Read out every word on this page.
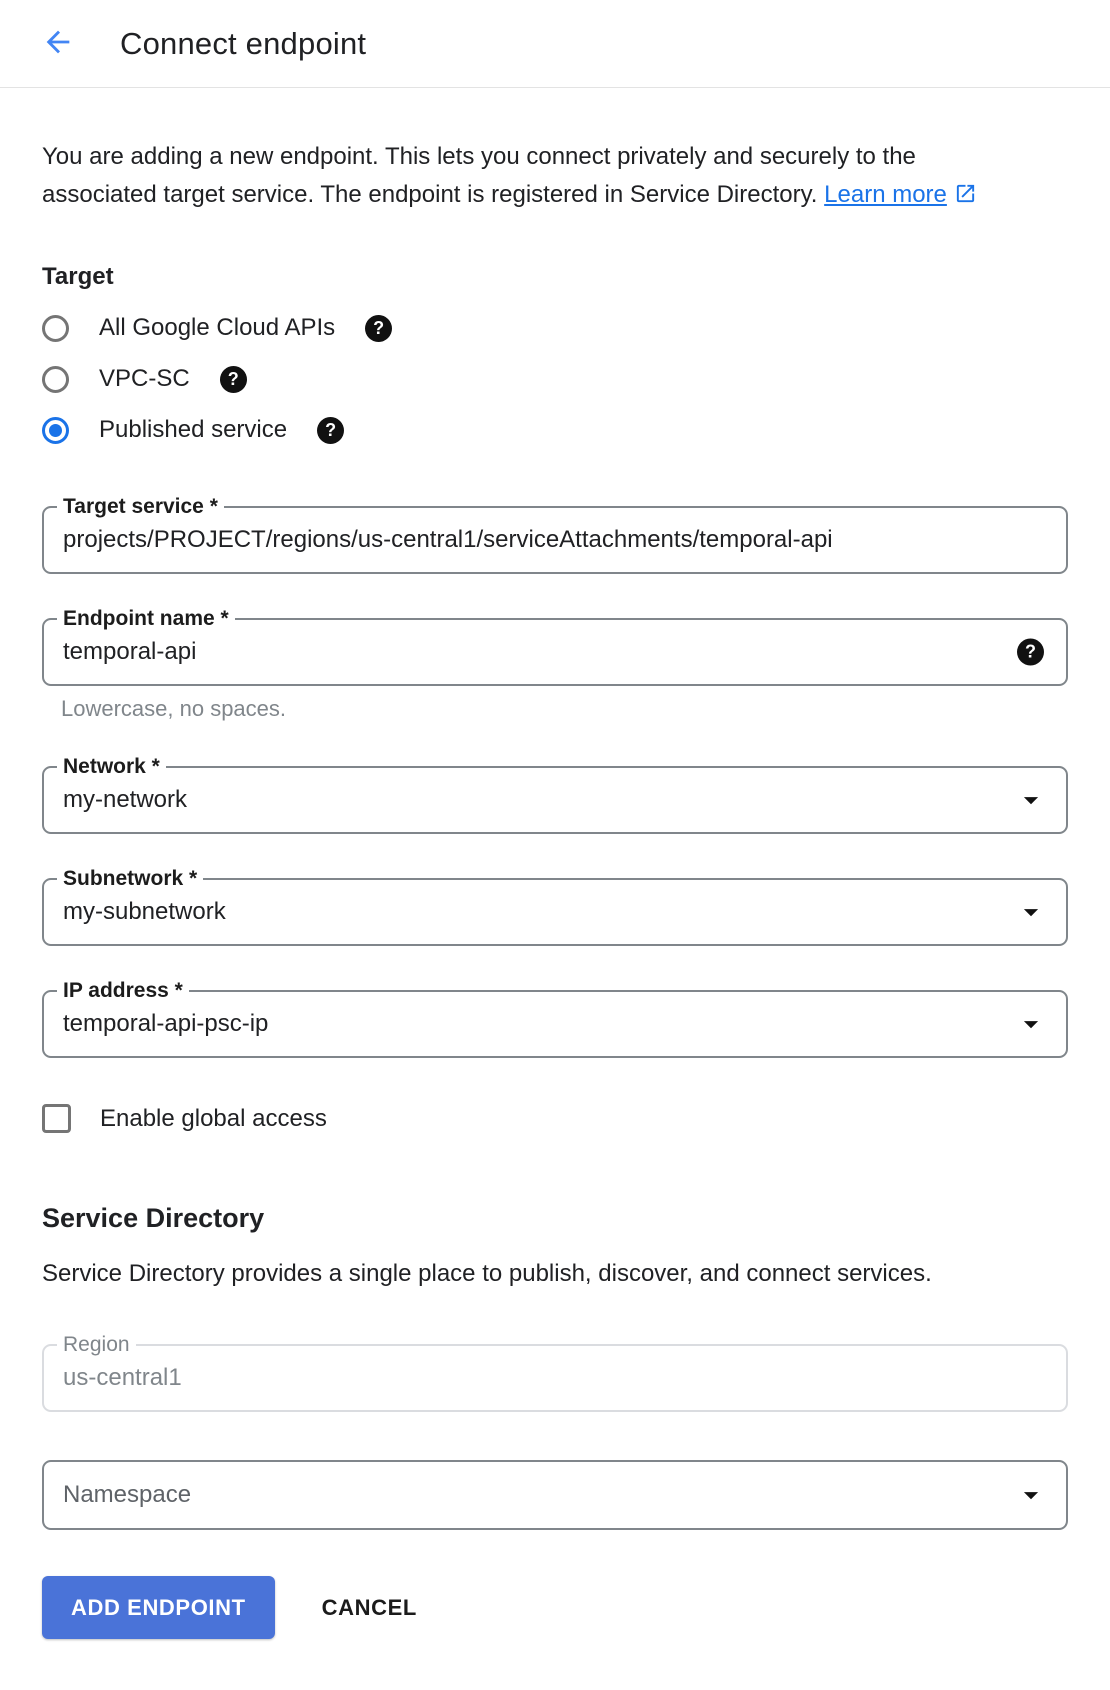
Connect endpoint

You are adding a new endpoint. This lets you connect privately and securely to the associated target service. The endpoint is registered in Service Directory. Learn more

Target
All Google Cloud APIs ?
VPC-SC ?
Published service ?
Target service *
projects/PROJECT/regions/us-central1/serviceAttachments/temporal-api
Endpoint name *
temporal-api
?
Lowercase, no spaces.
Network *
my-network
Subnetwork *
my-subnetwork
IP address *
temporal-api-psc-ip
Enable global access
Service Directory

Service Directory provides a single place to publish, discover, and connect services.

Region
us-central1
Namespace
ADD ENDPOINT	CANCEL
